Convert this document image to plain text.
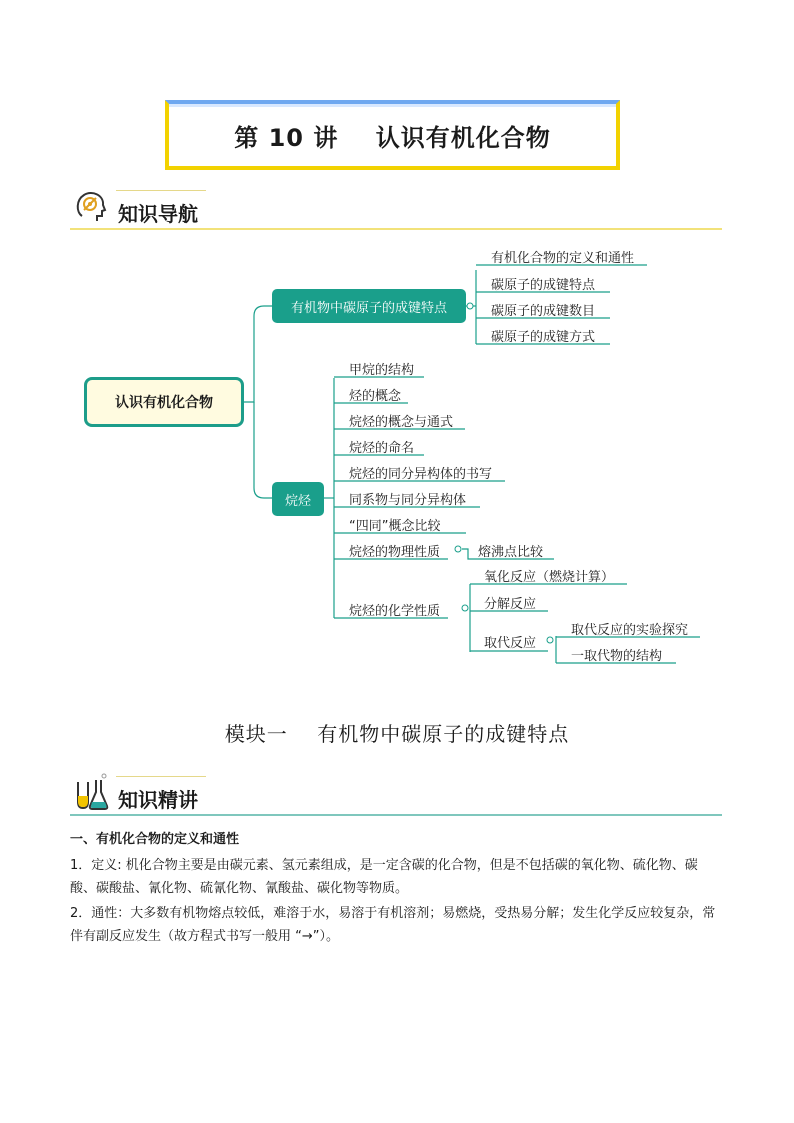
第 10 讲    认识有机化合物
知识导航
认识有机化合物
有机物中碳原子的成键特点
烷烃
有机化合物的定义和通性
碳原子的成键特点
碳原子的成键数目
碳原子的成键方式
甲烷的结构
烃的概念
烷烃的概念与通式
烷烃的命名
烷烃的同分异构体的书写
同系物与同分异构体
“四同”概念比较
烷烃的物理性质
烷烃的化学性质
熔沸点比较
氧化反应（燃烧计算）
分解反应
取代反应
取代反应的实验探究
一取代物的结构
模块一    有机物中碳原子的成键特点
知识精讲
一、有机化合物的定义和通性
1．定义: 机化合物主要是由碳元素、氢元素组成，是一定含碳的化合物，但是不包括碳的氧化物、硫化物、碳酸、碳酸盐、氰化物、硫氰化物、氰酸盐、碳化物等物质。
2．通性：大多数有机物熔点较低，难溶于水，易溶于有机溶剂；易燃烧，受热易分解；发生化学反应较复杂，常伴有副反应发生（故方程式书写一般用 “→”）。
